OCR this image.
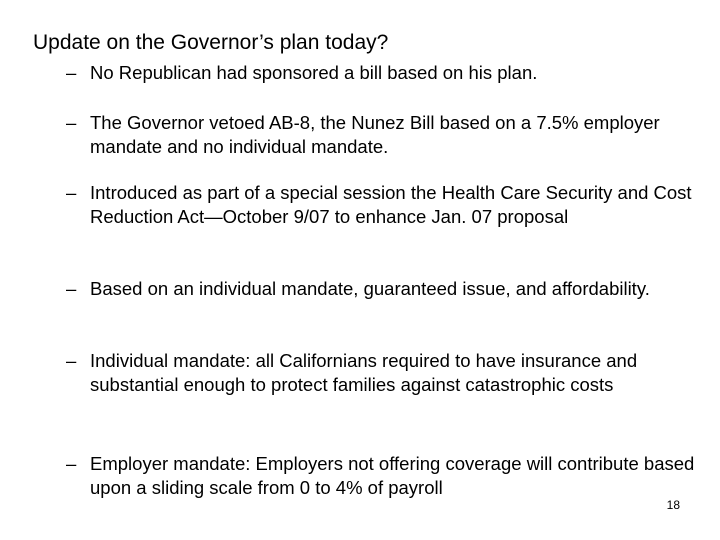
Update on the Governor’s plan today?
– No Republican had sponsored a bill based on his plan.
– The Governor vetoed AB-8, the Nunez Bill based on a 7.5% employer mandate and no individual mandate.
– Introduced as part of a special session the Health Care Security and Cost Reduction Act—October 9/07 to enhance Jan. 07 proposal
– Based on an individual mandate, guaranteed issue, and affordability.
– Individual mandate: all Californians required to have insurance and substantial enough to protect families against catastrophic costs
– Employer mandate: Employers not offering coverage will contribute based upon a sliding scale from 0 to 4% of payroll
18
